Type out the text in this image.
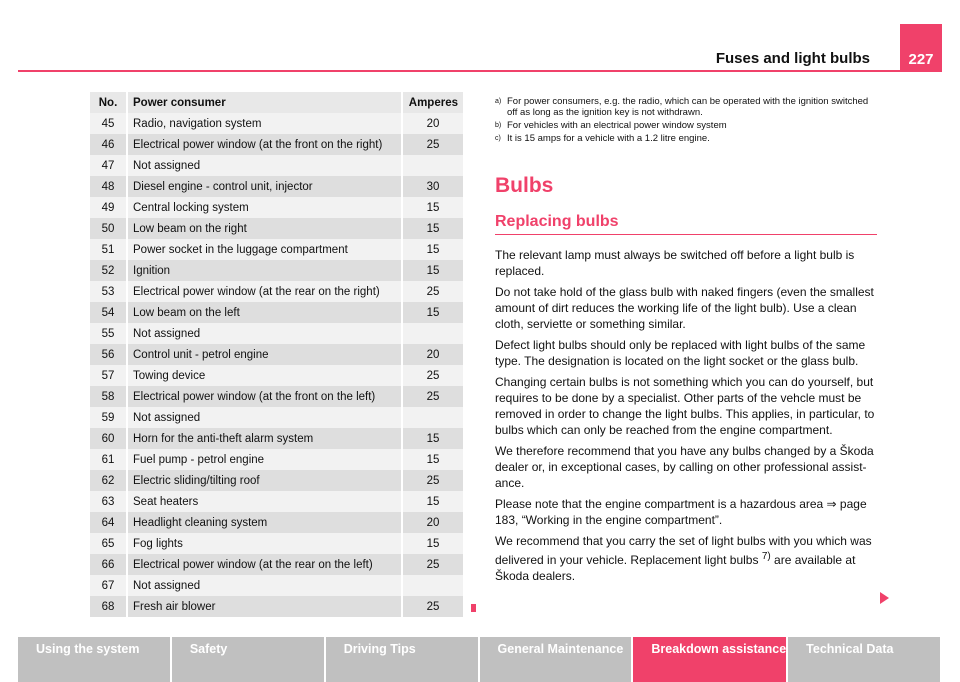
Fuses and light bulbs	227
No.	Power consumer	Amperes
45	Radio, navigation system	20
46	Electrical power window (at the front on the right)	25
47	Not assigned	
48	Diesel engine - control unit, injector	30
49	Central locking system	15
50	Low beam on the right	15
51	Power socket in the luggage compartment	15
52	Ignition	15
53	Electrical power window (at the rear on the right)	25
54	Low beam on the left	15
55	Not assigned	
56	Control unit - petrol engine	20
57	Towing device	25
58	Electrical power window (at the front on the left)	25
59	Not assigned	
60	Horn for the anti-theft alarm system	15
61	Fuel pump - petrol engine	15
62	Electric sliding/tilting roof	25
63	Seat heaters	15
64	Headlight cleaning system	20
65	Fog lights	15
66	Electrical power window (at the rear on the left)	25
67	Not assigned	
68	Fresh air blower	25
a) For power consumers, e.g. the radio, which can be operated with the ignition switched off as long as the ignition key is not withdrawn.
b) For vehicles with an electrical power window system
c) It is 15 amps for a vehicle with a 1.2 litre engine.
Bulbs
Replacing bulbs

The relevant lamp must always be switched off before a light bulb is replaced.

Do not take hold of the glass bulb with naked fingers (even the smallest amount of dirt reduces the working life of the light bulb). Use a clean cloth, serviette or something similar.

Defect light bulbs should only be replaced with light bulbs of the same type. The designation is located on the light socket or the glass bulb.

Changing certain bulbs is not something which you can do yourself, but requires to be done by a specialist. Other parts of the vehcle must be removed in order to change the light bulbs. This applies, in particular, to bulbs which can only be reached from the engine compartment.

We therefore recommend that you have any bulbs changed by a Škoda dealer or, in exceptional cases, by calling on other professional assist-ance.

Please note that the engine compartment is a hazardous area ⇒ page 183, “Working in the engine compartment”.

We recommend that you carry the set of light bulbs with you which was delivered in your vehicle. Replacement light bulbs $^{7)}$ are available at Škoda dealers.

Using the system	Safety	Driving Tips	General Maintenance	Breakdown assistance	Technical Data
